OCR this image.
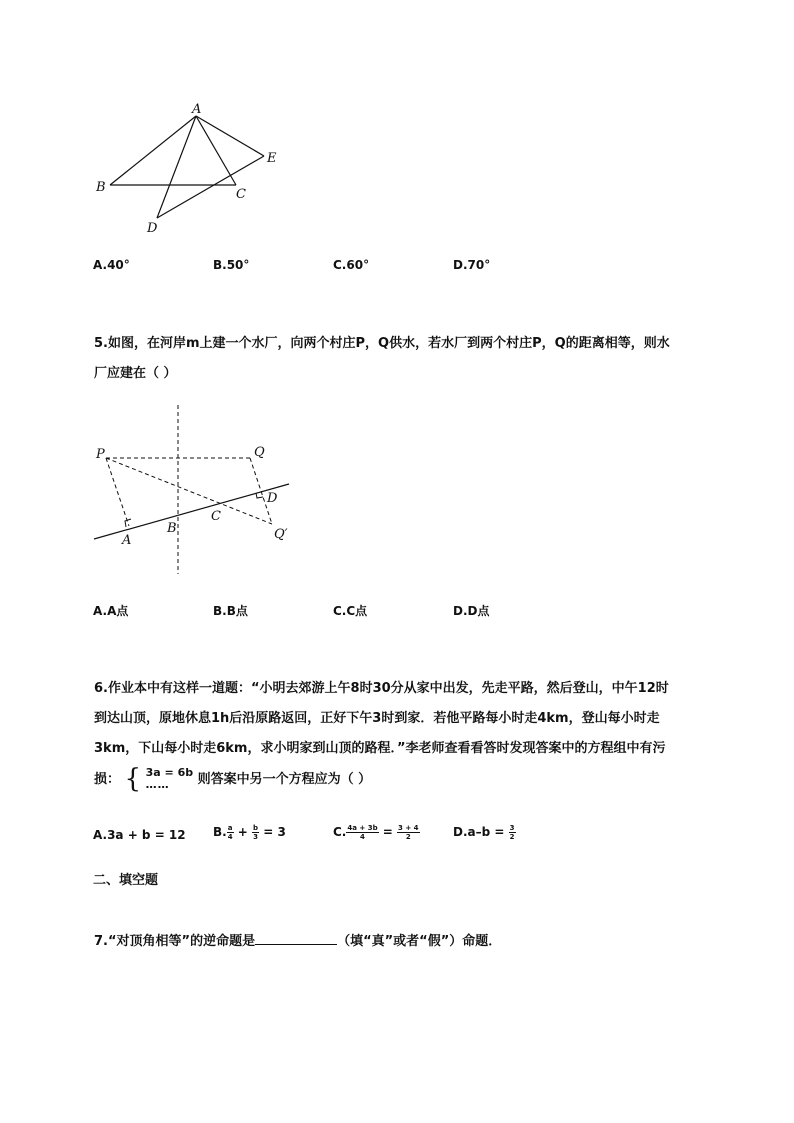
A
B	C
D
E
A.40°	B.50°	C.60°	D.70°
5.如图，在河岸m上建一个水厂，向两个村庄P，Q供水，若水厂到两个村庄P，Q的距离相等，则水
厂应建在（ ）
P	Q
D
C
B
A	Q′
A.A点	B.B点	C.C点	D.D点
6.作业本中有这样一道题：“小明去郊游上午8时30分从家中出发，先走平路，然后登山，中午12时
到达山顶，原地休息1h后沿原路返回，正好下午3时到家．若他平路每小时走4km，登山每小时走
3km，下山每小时走6km，求小明家到山顶的路程．”李老师查看看答时发现答案中的方程组中有污
损： { 3a = 6b
……	则答案中另一个方程应为（ ）
A.3a + b = 12 B. $\frac{a}{4} + \frac{b}{3} = 3$	C. $\frac{4a + 3b}{4} = \frac{3 + 4}{2}$	$D.a-b = \frac{3}{2}$
二、填空题
7.“对顶角相等”的逆命题是	（填“真”或者“假”）命题．
